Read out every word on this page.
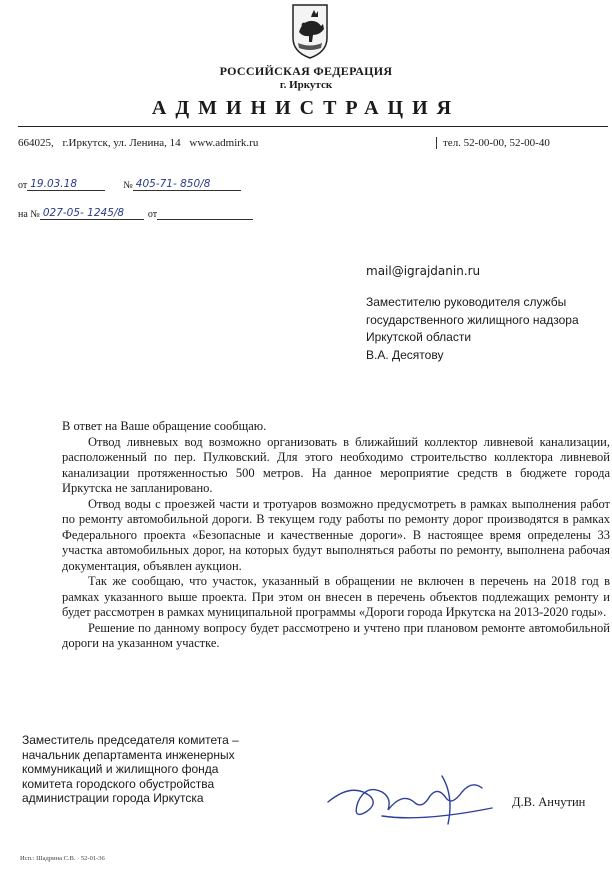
РОССИЙСКАЯ ФЕДЕРАЦИЯ
г. Иркутск
АДМИНИСТРАЦИЯ
664025, г.Иркутск, ул. Ленина, 14 www.admirk.ru	тел. 52-00-00, 52-00-40
от 19.03.18	№ 405-71- 850/8
на № 027-05- 1245/8	от
mail@igrajdanin.ru
Заместителю руководителя службы
государственного жилищного надзора
Иркутской области
В.А. Десятову

В ответ на Ваше обращение сообщаю.

Отвод ливневых вод возможно организовать в ближайший коллектор ливневой канализации, расположенный по пер. Пулковский. Для этого необходимо строительство коллектора ливневой канализации протяженностью 500 метров. На данное мероприятие средств в бюджете города Иркутска не запланировано.

Отвод воды с проезжей части и тротуаров возможно предусмотреть в рамках выполнения работ по ремонту автомобильной дороги. В текущем году работы по ремонту дорог производятся в рамках Федерального проекта «Безопасные и качественные дороги». В настоящее время определены 33 участка автомобильных дорог, на которых будут выполняться работы по ремонту, выполнена рабочая документация, объявлен аукцион.

Так же сообщаю, что участок, указанный в обращении не включен в перечень на 2018 год в рамках указанного выше проекта. При этом он внесен в перечень объектов подлежащих ремонту и будет рассмотрен в рамках муниципальной программы «Дороги города Иркутска на 2013-2020 годы».

Решение по данному вопросу будет рассмотрено и учтено при плановом ремонте автомобильной дороги на указанном участке.

Заместитель председателя комитета –
начальник департамента инженерных
коммуникаций и жилищного фонда
комитета городского обустройства
администрации города Иркутска	Д.В. Анчутин
Исп.: Шадрина С.В. · 52-01-36
